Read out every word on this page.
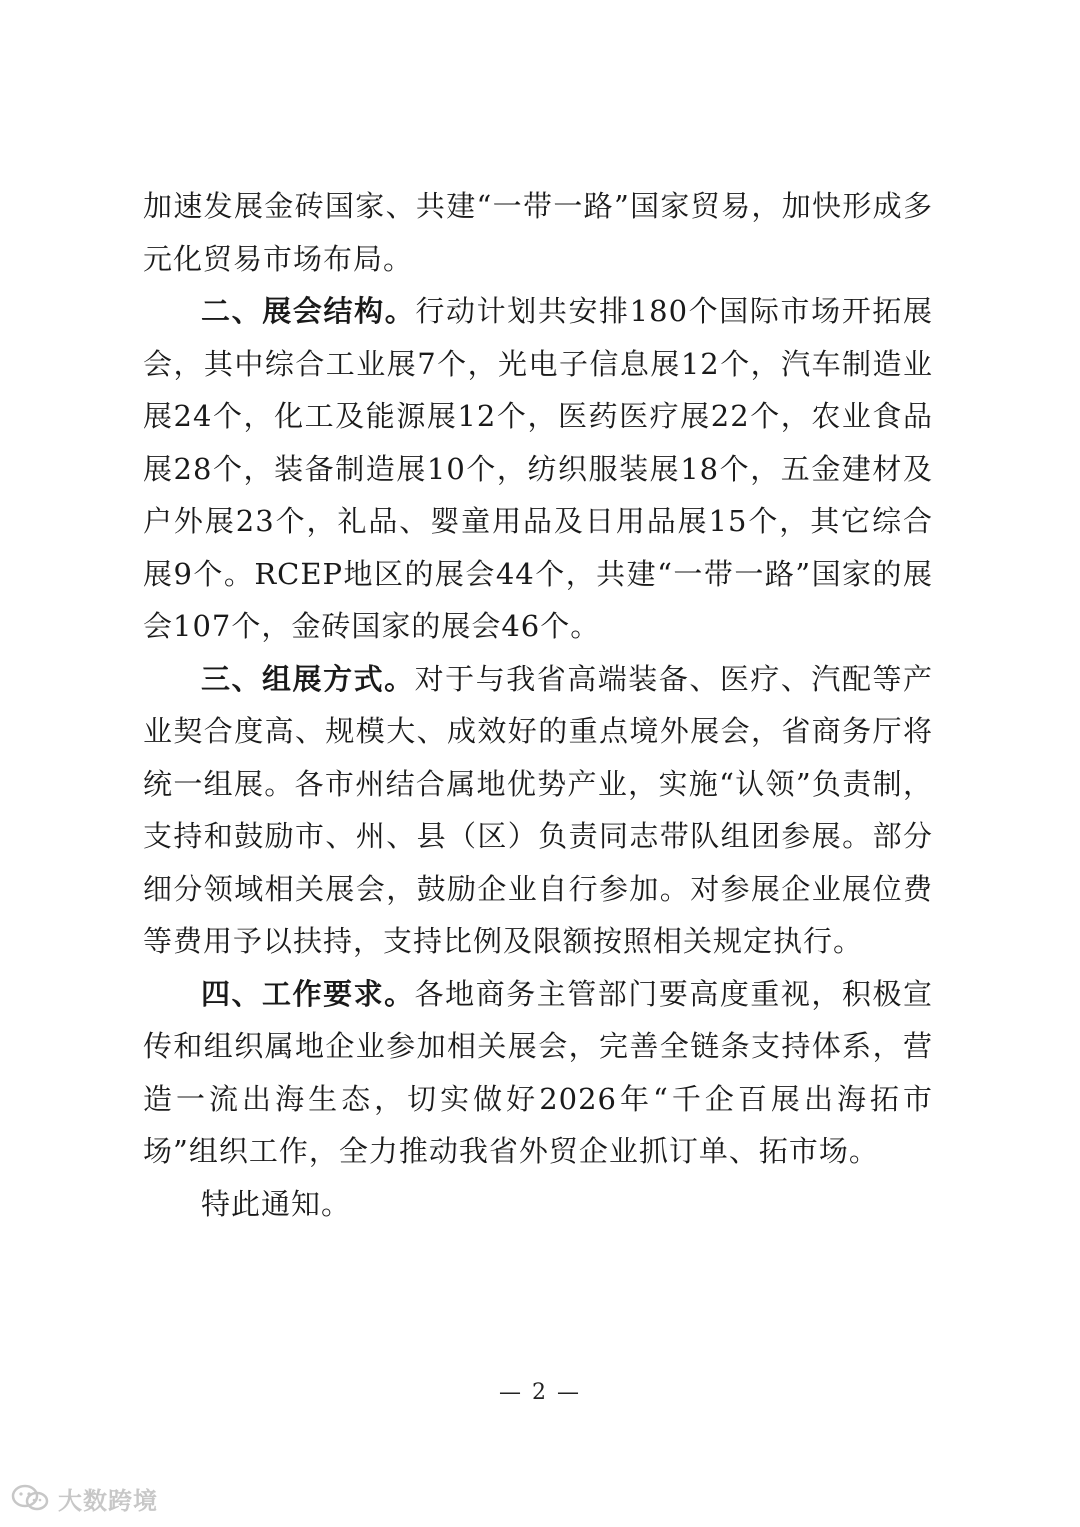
加速发展金砖国家、共建“一带一路”国家贸易，加快形成多元化贸易市场布局。

二、展会结构。行动计划共安排180个国际市场开拓展会，其中综合工业展7个，光电子信息展12个，汽车制造业展24个，化工及能源展12个，医药医疗展22个，农业食品展28个，装备制造展10个，纺织服装展18个，五金建材及户外展23个，礼品、婴童用品及日用品展15个，其它综合展9个。RCEP地区的展会44个，共建“一带一路”国家的展会107个，金砖国家的展会46个。

三、组展方式。对于与我省高端装备、医疗、汽配等产业契合度高、规模大、成效好的重点境外展会，省商务厅将统一组展。各市州结合属地优势产业，实施“认领”负责制，支持和鼓励市、州、县（区）负责同志带队组团参展。部分细分领域相关展会，鼓励企业自行参加。对参展企业展位费等费用予以扶持，支持比例及限额按照相关规定执行。

四、工作要求。各地商务主管部门要高度重视，积极宣传和组织属地企业参加相关展会，完善全链条支持体系，营造一流出海生态，切实做好2026年“千企百展出海拓市场”组织工作，全力推动我省外贸企业抓订单、拓市场。

特此通知。

— 2 —
大数跨境
